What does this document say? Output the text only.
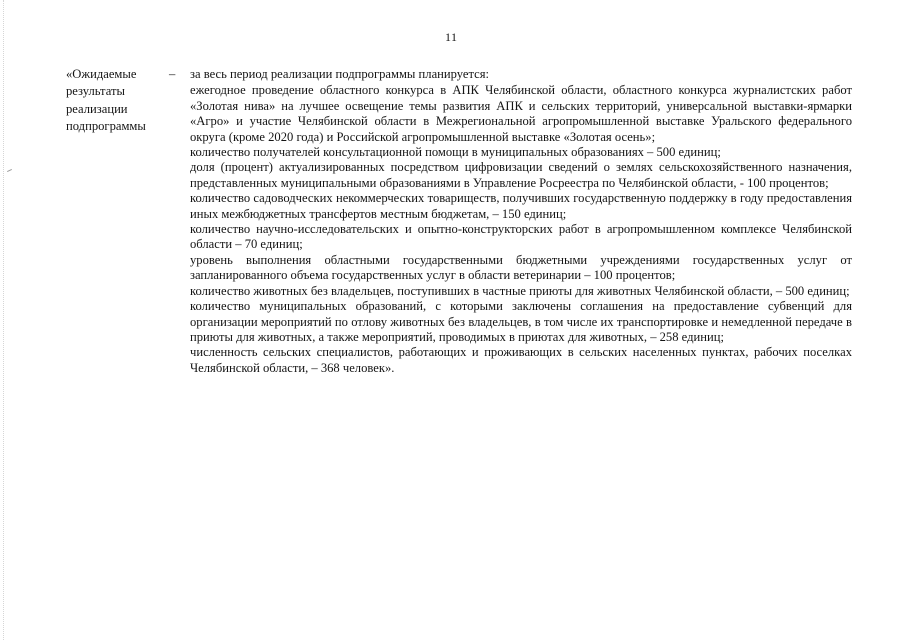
11
«Ожидаемые
результаты
реализации
подпрограммы
– за весь период реализации подпрограммы планируется:

ежегодное проведение областного конкурса в АПК Челябинской области, областного конкурса журналистских работ «Золотая нива» на лучшее освещение темы развития АПК и сельских территорий, универсальной выставки-ярмарки «Агро» и участие Челябинской области в Межрегиональной агропромышленной выставке Уральского федерального округа (кроме 2020 года) и Российской агропромышленной выставке «Золотая осень»;

количество получателей консультационной помощи в муниципальных образованиях – 500 единиц;

доля (процент) актуализированных посредством цифровизации сведений о землях сельскохозяйственного назначения, представленных муниципальными образованиями в Управление Росреестра по Челябинской области, - 100 процентов;

количество садоводческих некоммерческих товариществ, получивших государственную поддержку в году предоставления иных межбюджетных трансфертов местным бюджетам, – 150 единиц;

количество научно-исследовательских и опытно-конструкторских работ в агропромышленном комплексе Челябинской области – 70 единиц;

уровень выполнения областными государственными бюджетными учреждениями государственных услуг от запланированного объема государственных услуг в области ветеринарии – 100 процентов;

количество животных без владельцев, поступивших в частные приюты для животных Челябинской области, – 500 единиц;

количество муниципальных образований, с которыми заключены соглашения на предоставление субвенций для организации мероприятий по отлову животных без владельцев, в том числе их транспортировке и немедленной передаче в приюты для животных, а также мероприятий, проводимых в приютах для животных, – 258 единиц;

численность сельских специалистов, работающих и проживающих в сельских населенных пунктах, рабочих поселках Челябинской области, – 368 человек».
